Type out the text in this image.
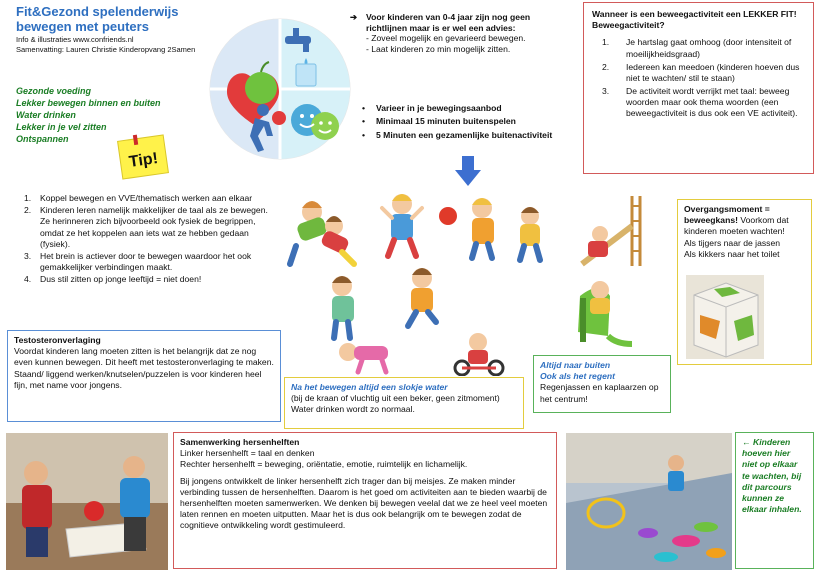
Fit&Gezond spelenderwijs
bewegen met peuters
Info & illustraties www.confriends.nl
Samenvatting: Lauren Christie Kinderopvang 2Samen
Gezonde voeding
Lekker bewegen binnen en buiten
Water drinken
Lekker in je vel zitten
Ontspannen
Tip!
➔ Voor kinderen van 0-4 jaar zijn nog geen richtlijnen maar is er wel een advies:
- Zoveel mogelijk en gevarieerd bewegen.
- Laat kinderen zo min mogelijk zitten.
• Varieer in je bewegingsaanbod
• Minimaal 15 minuten buitenspelen
• 5 Minuten een gezamenlijke buitenactiviteit
Wanneer is een beweegactiviteit een LEKKER FIT! Beweegactiviteit?
1. Je hartslag gaat omhoog (door intensiteit of moeilijkheidsgraad)
2. Iedereen kan meedoen (kinderen hoeven dus niet te wachten/ stil te staan)
3. De activiteit wordt verrijkt met taal: beweeg woorden maar ook thema woorden (een beweegactiviteit is dus ook een VE activiteit).
1. Koppel bewegen en VVE/thematisch werken aan elkaar
2. Kinderen leren namelijk makkelijker de taal als ze bewegen. Ze herinneren zich bijvoorbeeld ook fysiek de begrippen, omdat ze het koppelen aan iets wat ze hebben gedaan (fysiek).
3. Het brein is actiever door te bewegen waardoor het ook gemakkelijker verbindingen maakt.
4. Dus stil zitten op jonge leeftijd = niet doen!
Testosteronverlaging
Voordat kinderen lang moeten zitten is het belangrijk dat ze nog even kunnen bewegen. Dit heeft met testosteronverlaging te maken. Staand/ liggend werken/knutselen/puzzelen is voor kinderen heel fijn, met name voor jongens.	Na het bewegen altijd een slokje water
(bij de kraan of vluchtig uit een beker, geen zitmoment) Water drinken wordt zo normaal.
Altijd naar buiten
Ook als het regent
Regenjassen en kaplaarzen op het centrum!
Overgangsmoment = beweegkans! Voorkom dat kinderen moeten wachten!
Als tijgers naar de jassen
Als kikkers naar het toilet
Samenwerking hersenhelften
Linker hersenhelft = taal en denken

Rechter hersenhelft = beweging, oriëntatie, emotie, ruimtelijk en lichamelijk.

Bij jongens ontwikkelt de linker hersenhelft zich trager dan bij meisjes. Ze maken minder verbinding tussen de hersenhelften. Daarom is het goed om activiteiten aan te bieden waarbij de hersenhelften moeten samenwerken. We denken bij bewegen veelal dat we ze heel veel moeten laten rennen en moeten uitputten. Maar het is dus ook belangrijk om te bewegen zodat de cognitieve ontwikkeling wordt gestimuleerd.

← Kinderen hoeven hier niet op elkaar te wachten, bij dit parcours kunnen ze elkaar inhalen.
